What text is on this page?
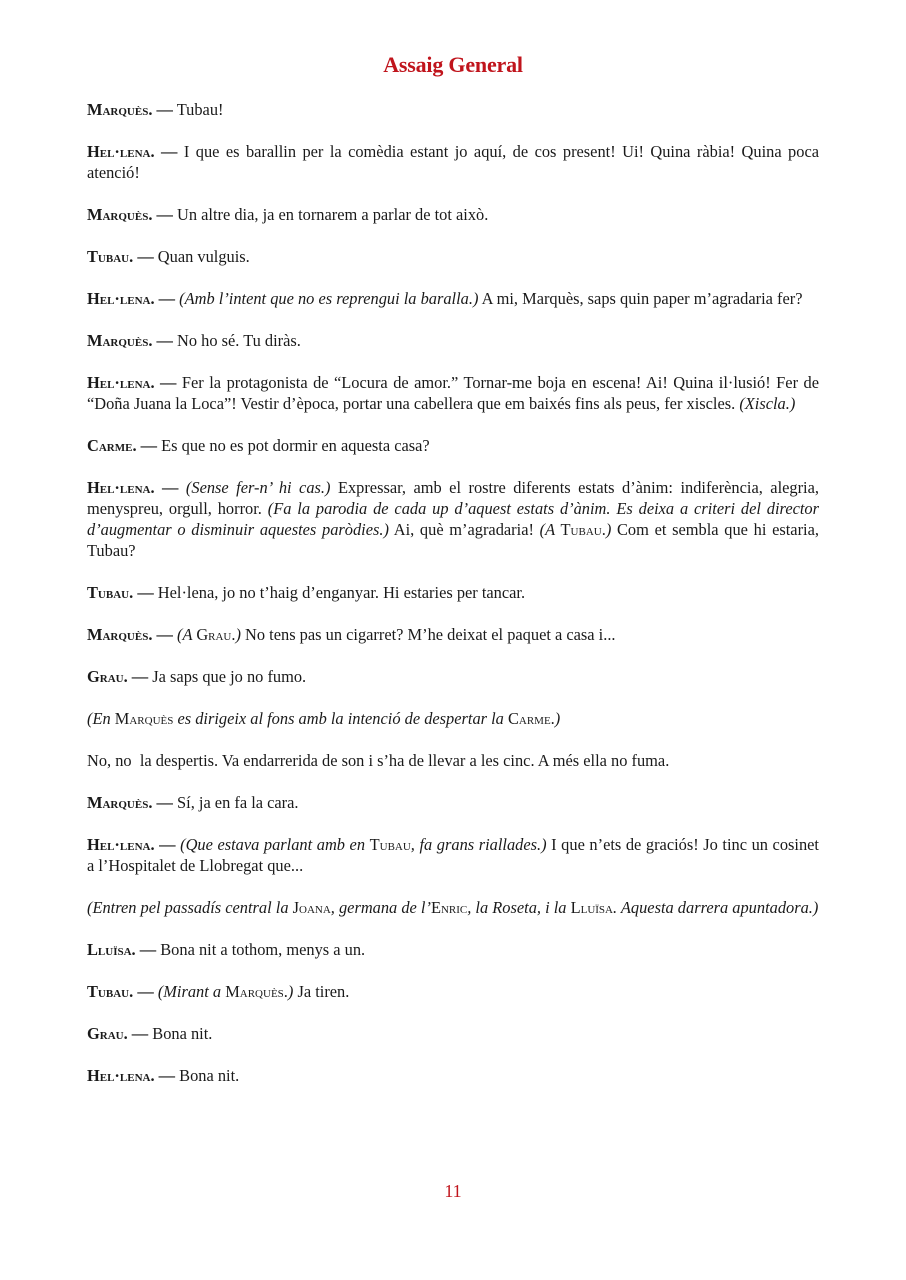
Assaig General

Marquès. — Tubau!

Hel·lena. — I que es barallin per la comèdia estant jo aquí, de cos present! Ui! Quina ràbia! Quina poca atenció!

Marquès. — Un altre dia, ja en tornarem a parlar de tot això.

Tubau. — Quan vulguis.

Hel·lena. — (Amb l’intent que no es reprengui la baralla.) A mi, Marquès, saps quin paper m’agradaria fer?

Marquès. — No ho sé. Tu diràs.

Hel·lena. — Fer la protagonista de “Locura de amor.” Tornar-me boja en escena! Ai! Quina il·lusió! Fer de “Doña Juana la Loca”! Vestir d’època, portar una cabellera que em baixés fins als peus, fer xiscles. (Xiscla.)

Carme. — Es que no es pot dormir en aquesta casa?

Hel·lena. — (Sense fer-n’ hi cas.) Expressar, amb el rostre diferents estats d’ànim: indiferència, alegria, menyspreu, orgull, horror. (Fa la parodia de cada up d’aquest estats d’ànim. Es deixa a criteri del director d’augmentar o disminuir aquestes paròdies.) Ai, què m’agradaria! (A Tubau.) Com et sembla que hi estaria, Tubau?

Tubau. — Hel·lena, jo no t’haig d’enganyar. Hi estaries per tancar.

Marquès. — (A Grau.) No tens pas un cigarret? M’he deixat el paquet a casa i...

Grau. — Ja saps que jo no fumo.

(En Marquès es dirigeix al fons amb la intenció de despertar la Carme.)

No, no  la despertis. Va endarrerida de son i s’ha de llevar a les cinc. A més ella no fuma.

Marquès. — Sí, ja en fa la cara.

Hel·lena. — (Que estava parlant amb en Tubau, fa grans riallades.) I que n’ets de graciós! Jo tinc un cosinet a l’Hospitalet de Llobregat que...

(Entren pel passadís central la Joana, germana de l’Enric, la Roseta, i la Lluïsa. Aquesta darrera apuntadora.)

Lluïsa. — Bona nit a tothom, menys a un.

Tubau. — (Mirant a Marquès.) Ja tiren.

Grau. — Bona nit.

Hel·lena. — Bona nit.

11
